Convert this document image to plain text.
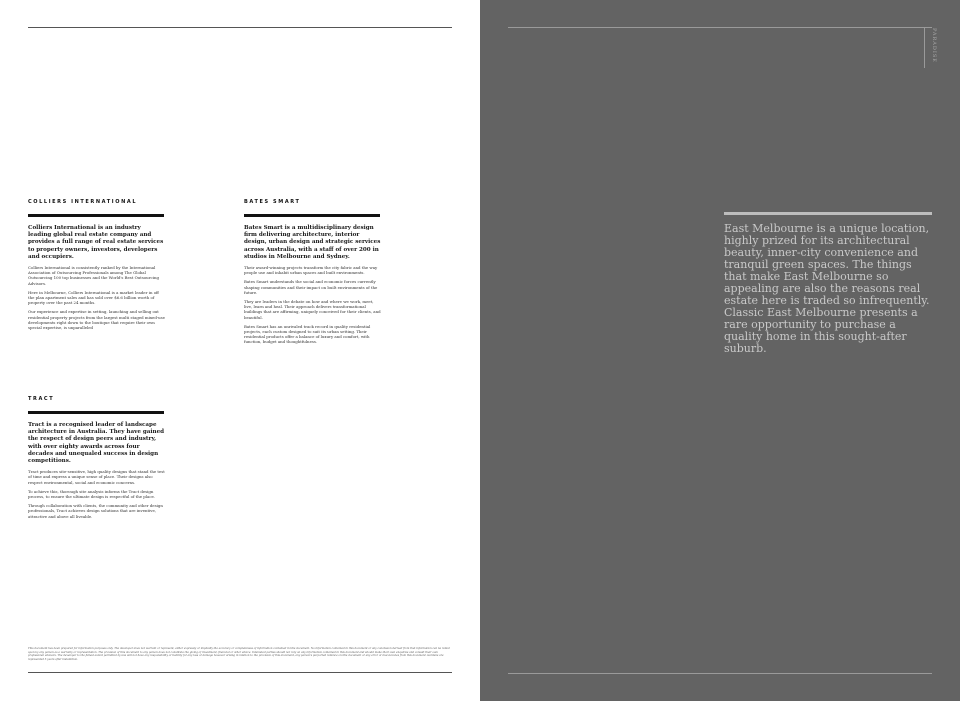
COLLIERS INTERNATIONAL

Colliers International is an industry leading global real estate company and provides a full range of real estate services to property owners, investors, developers and occupiers.

Colliers International is consistently ranked by the International Association of Outsourcing Professionals among The Global Outsourcing 100 top businesses and the World's Best Outsourcing Advisors.

Here in Melbourne, Colliers International is a market leader in off the plan apartment sales and has sold over $6.6 billion worth of property over the past 24 months.

Our experience and expertise in setting, launching and selling out residential property projects from the largest multi staged mixed-use developments right down to the boutique that require their own special expertise, is unparalleled

BATES SMART

Bates Smart is a multidisciplinary design firm delivering architecture, interior design, urban design and strategic services across Australia, with a staff of over 200 in studios in Melbourne and Sydney.

Their award-winning projects transform the city fabric and the way people use and inhabit urban spaces and built environments.

Bates Smart understands the social and economic forces currently shaping communities and their impact on built environments of the future.

They are leaders in the debate on how and where we work, meet, live, learn and heal. Their approach delivers transformational buildings that are affirming, uniquely conceived for their clients, and beautiful.

Bates Smart has an unrivaled track record in quality residential projects, each custom designed to suit its urban setting. Their residential products offer a balance of luxury and comfort, with function, budget and thoughtfulness.

TRACT

Tract is a recognised leader of landscape architecture in Australia. They have gained the respect of design peers and industry, with over eighty awards across four decades and unequaled success in design competitions.

Tract produces site-sensitive, high quality designs that stand the test of time and express a unique sense of place. Their designs also respect environmental, social and economic concerns.

To achieve this, thorough site analysis informs the Tract design process, to ensure the ultimate design is respectful of the place.

Through collaboration with clients, the community and other design professionals, Tract achieves design solutions that are inventive, attractive and above all liveable.

This document has been prepared for information purposes only. The developer does not warrant or represent, either expressly or impliedly the accuracy or completeness of information contained in this document. No information contained in this document or any conclusion derived from that information can be relied upon by any person as a warranty or representation. The provision of this document to any person does not constitute the giving of investment, financial or other advice. Interested parties should not rely on any information contained in this document and should make their own enquiries and consult their own professional advisors. The developer to the fullest extent permitted by law will not have any responsibility or liability for any loss or damage however arising in relation to the provision of this document, any person's purported reliance on this document or any error or inaccuracies from this document. Gardens are represented 5 years after installation.

PARADISE

East Melbourne is a unique location, highly prized for its architectural beauty, inner-city convenience and tranquil green spaces. The things that make East Melbourne so appealing are also the reasons real estate here is traded so infrequently. Classic East Melbourne presents a rare opportunity to purchase a quality home in this sought-after suburb.
